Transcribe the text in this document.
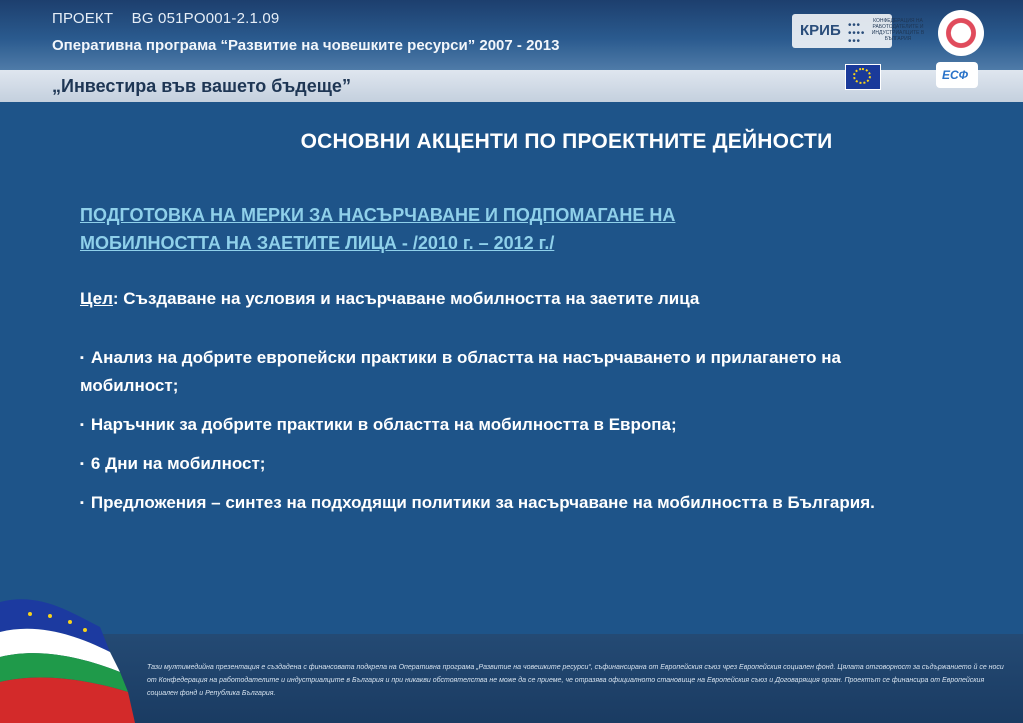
ПРОЕКТ BG 051PO001-2.1.09
Оперативна програма “Развитие на човешките ресурси” 2007 - 2013
„Инвестира във вашето бъдеще”
КРИБ • • •
• • • •
• • •
КОНФЕДЕРАЦИЯ НА РАБОТОДАТЕЛИТЕ И ИНДУСТРИАЛЦИТЕ В БЪЛГАРИЯ
ЕСФ
ОСНОВНИ АКЦЕНТИ ПО ПРОЕКТНИТЕ ДЕЙНОСТИ
ПОДГОТОВКА НА МЕРКИ ЗА НАСЪРЧАВАНЕ И ПОДПОМАГАНЕ НА МОБИЛНОСТТА НА ЗАЕТИТЕ ЛИЦА - /2010 г. – 2012 г./
Цел: Създаване на условия и насърчаване мобилността на заетите лица
▪ Анализ на добрите европейски практики в областта на насърчаването и прилагането на мобилност;
▪ Наръчник за добрите практики в областта на мобилността в Европа;
▪ 6 Дни на мобилност;
▪ Предложения – синтез на подходящи политики за насърчаване на мобилността в България.
Тази мултимедийна презентация е създадена с финансовата подкрепа на Оперативна програма „Развитие на човешките ресурси“, съфинансирана от Европейския съюз чрез Европейския социален фонд. Цялата отговорност за съдържанието й се носи от Конфедерация на работодателите и индустриалците в България и при никакви обстоятелства не може да се приеме, че отразява официалното становище на Европейския съюз и Договарящия орган. Проектът се финансира от Европейския социален фонд и Република България.
